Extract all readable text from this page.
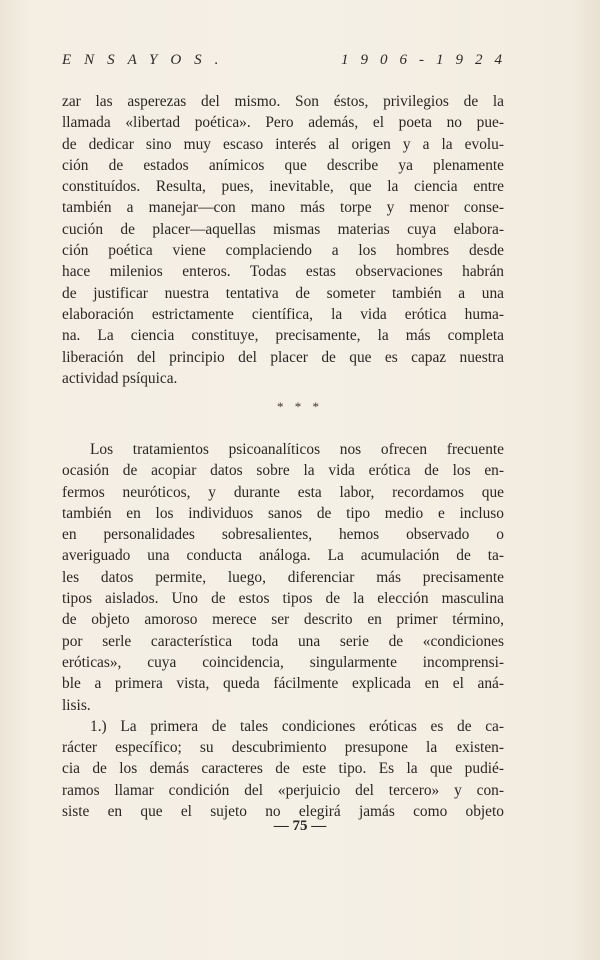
ENSAYOS.	1906-1924
zar las asperezas del mismo. Son éstos, privilegios de la
llamada «libertad poética». Pero además, el poeta no pue-
de dedicar sino muy escaso interés al origen y a la evolu-
ción de estados anímicos que describe ya plenamente
constituídos. Resulta, pues, inevitable, que la ciencia entre
también a manejar—con mano más torpe y menor conse-
cución de placer—aquellas mismas materias cuya elabora-
ción poética viene complaciendo a los hombres desde
hace milenios enteros. Todas estas observaciones habrán
de justificar nuestra tentativa de someter también a una
elaboración estrictamente científica, la vida erótica huma-
na. La ciencia constituye, precisamente, la más completa
liberación del principio del placer de que es capaz nuestra
actividad psíquica.
* * *
Los tratamientos psicoanalíticos nos ofrecen frecuente
ocasión de acopiar datos sobre la vida erótica de los en-
fermos neuróticos, y durante esta labor, recordamos que
también en los individuos sanos de tipo medio e incluso
en personalidades sobresalientes, hemos observado o
averiguado una conducta análoga. La acumulación de ta-
les datos permite, luego, diferenciar más precisamente
tipos aislados. Uno de estos tipos de la elección masculina
de objeto amoroso merece ser descrito en primer término,
por serle característica toda una serie de «condiciones
eróticas», cuya coincidencia, singularmente incomprensi-
ble a primera vista, queda fácilmente explicada en el aná-
lisis.
1.) La primera de tales condiciones eróticas es de ca-
rácter específico; su descubrimiento presupone la existen-
cia de los demás caracteres de este tipo. Es la que pudié-
ramos llamar condición del «perjuicio del tercero» y con-
siste en que el sujeto no elegirá jamás como objeto
— 75 —
